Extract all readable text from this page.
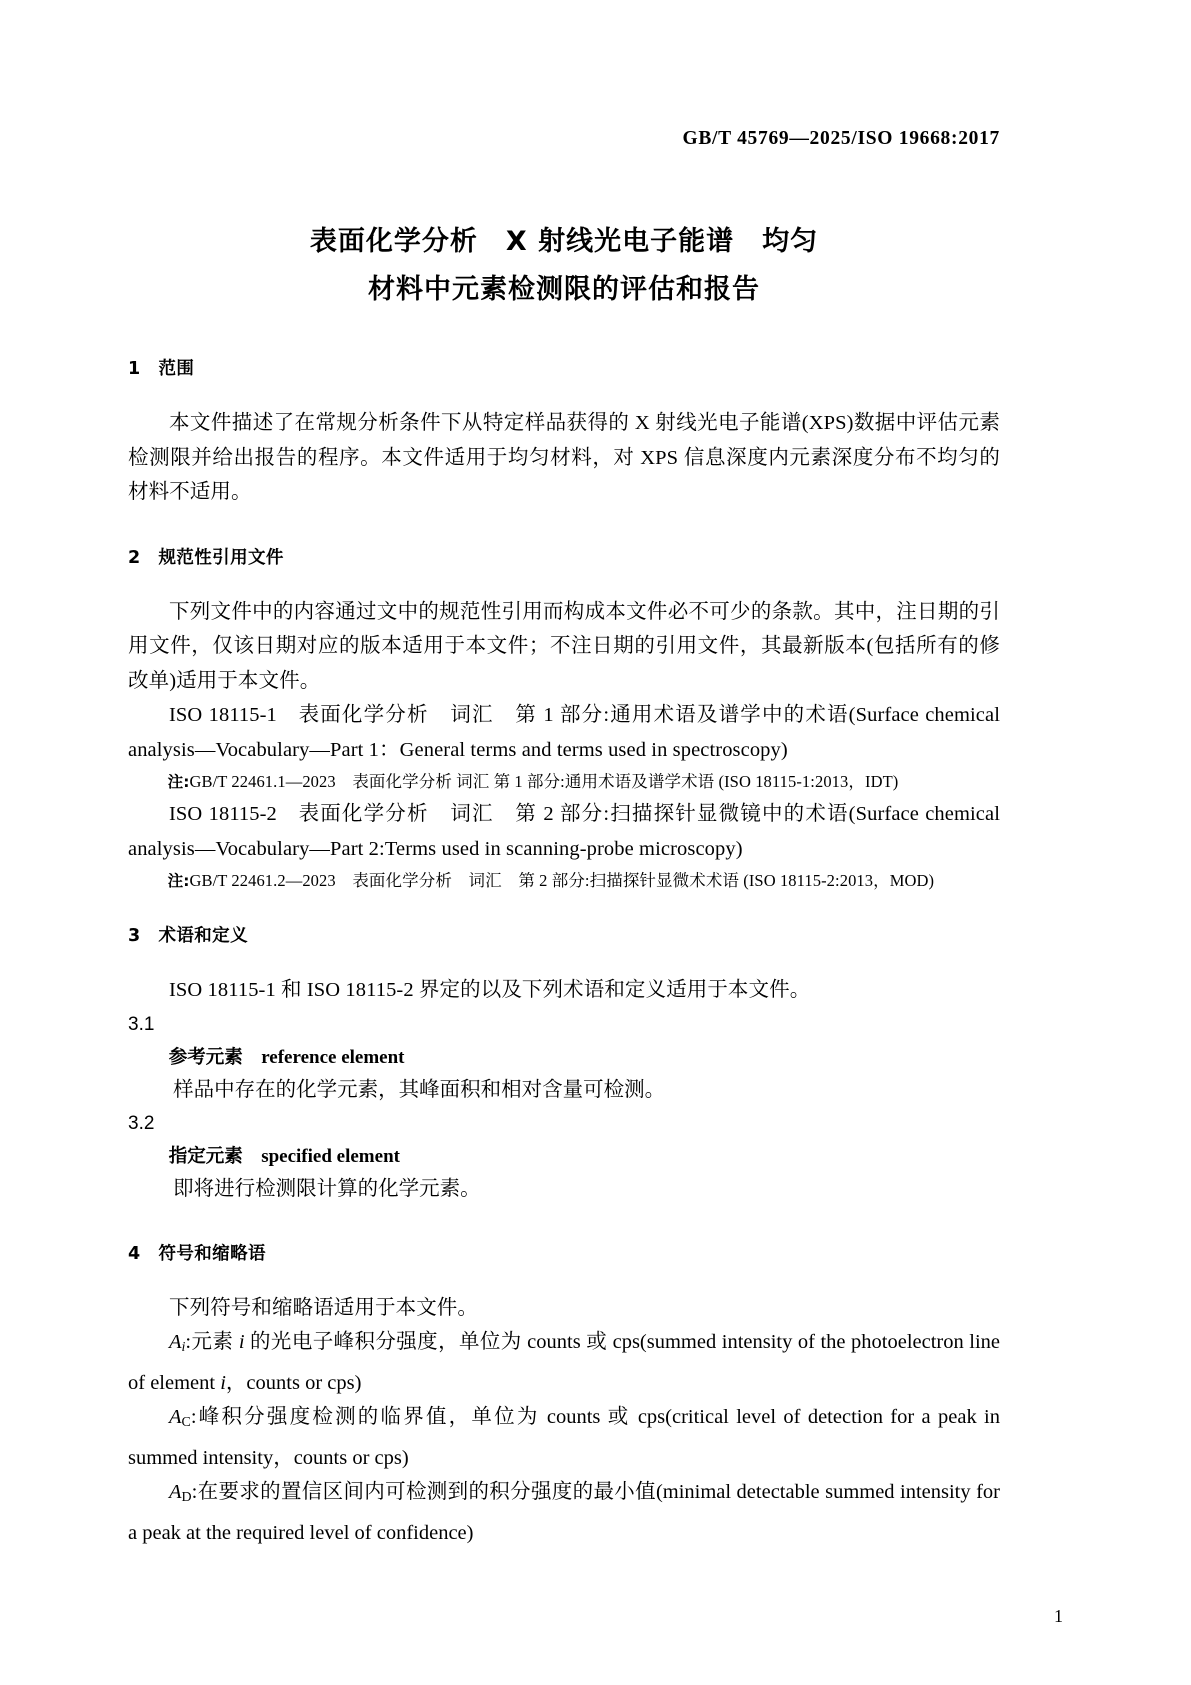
GB/T 45769—2025/ISO 19668:2017
表面化学分析 X 射线光电子能谱 均匀
材料中元素检测限的评估和报告

1 范围

本文件描述了在常规分析条件下从特定样品获得的 X 射线光电子能谱(XPS)数据中评估元素检测限并给出报告的程序。本文件适用于均匀材料，对 XPS 信息深度内元素深度分布不均匀的材料不适用。

2 规范性引用文件

下列文件中的内容通过文中的规范性引用而构成本文件必不可少的条款。其中，注日期的引用文件，仅该日期对应的版本适用于本文件；不注日期的引用文件，其最新版本(包括所有的修改单)适用于本文件。

ISO 18115-1 表面化学分析 词汇 第 1 部分:通用术语及谱学中的术语(Surface chemical analysis—Vocabulary—Part 1：General terms and terms used in spectroscopy)

注:GB/T 22461.1—2023 表面化学分析 词汇 第 1 部分:通用术语及谱学术语 (ISO 18115-1:2013，IDT)

ISO 18115-2 表面化学分析 词汇 第 2 部分:扫描探针显微镜中的术语(Surface chemical analysis—Vocabulary—Part 2:Terms used in scanning-probe microscopy)

注:GB/T 22461.2—2023 表面化学分析 词汇 第 2 部分:扫描探针显微术术语 (ISO 18115-2:2013，MOD)

3 术语和定义

ISO 18115-1 和 ISO 18115-2 界定的以及下列术语和定义适用于本文件。

3.1

参考元素  reference element

样品中存在的化学元素，其峰面积和相对含量可检测。

3.2

指定元素  specified element

即将进行检测限计算的化学元素。

4 符号和缩略语

下列符号和缩略语适用于本文件。

$A_i$:元素 i 的光电子峰积分强度，单位为 counts 或 cps(summed intensity of the photoelectron line of element i，counts or cps)

$A_C$:峰积分强度检测的临界值，单位为 counts 或 cps(critical level of detection for a peak in summed intensity，counts or cps)

$A_D$:在要求的置信区间内可检测到的积分强度的最小值(minimal detectable summed intensity for a peak at the required level of confidence)

1
